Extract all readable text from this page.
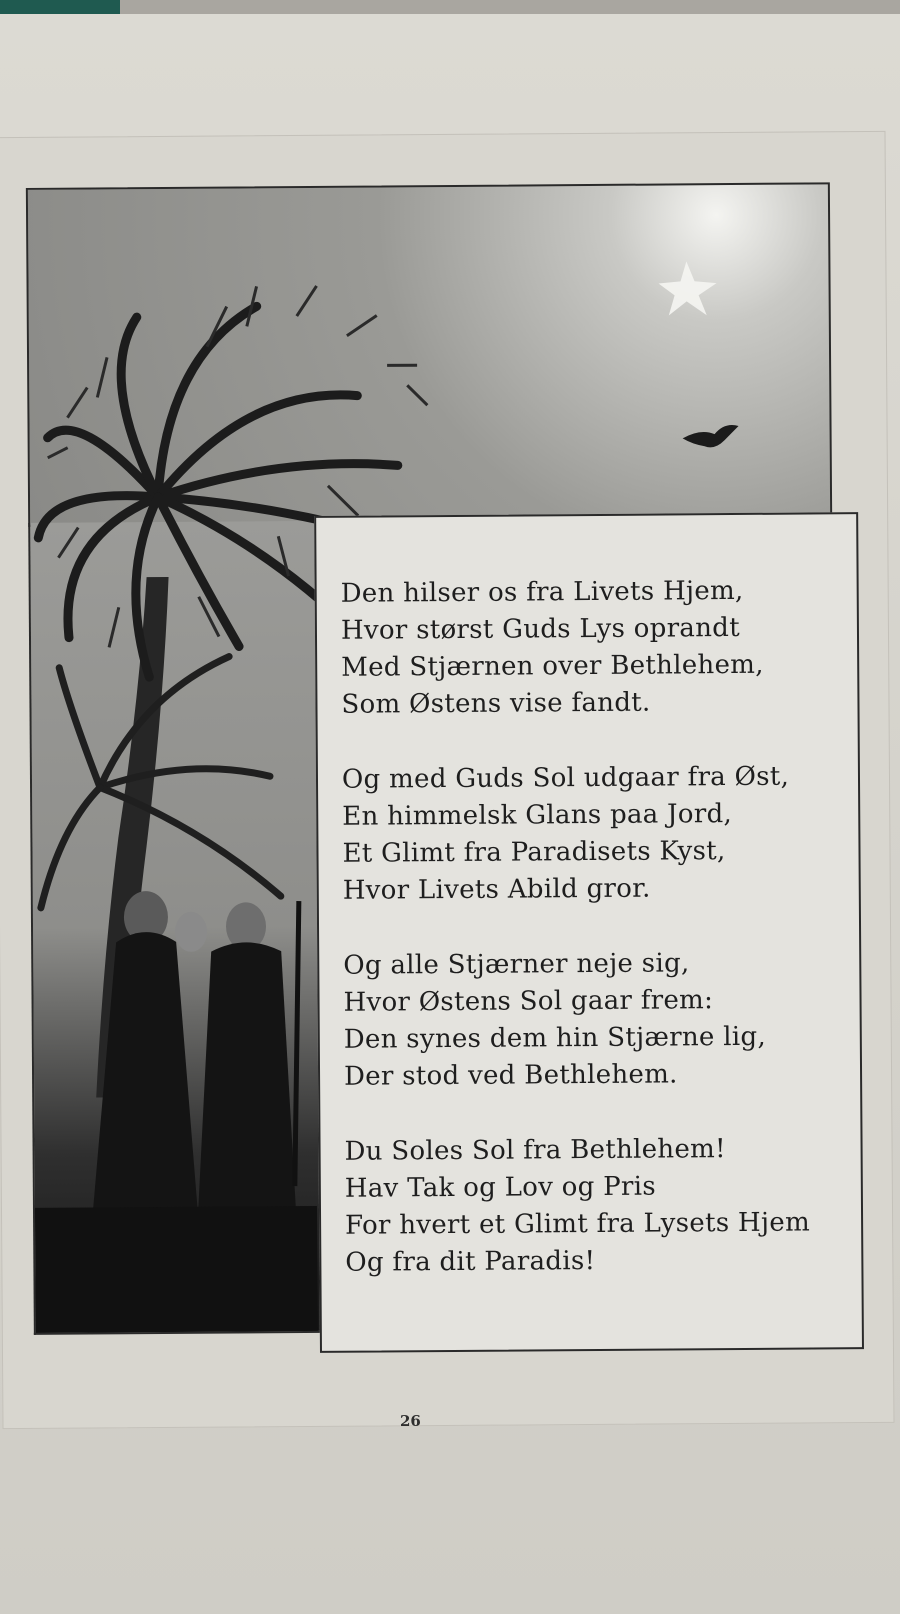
Den hilser os fra Livets Hjem,
Hvor størst Guds Lys oprandt
Med Stjærnen over Bethlehem,
Som Østens vise fandt.
Og med Guds Sol udgaar fra Øst,
En himmelsk Glans paa Jord,
Et Glimt fra Paradisets Kyst,
Hvor Livets Abild gror.
Og alle Stjærner neje sig,
Hvor Østens Sol gaar frem:
Den synes dem hin Stjærne lig,
Der stod ved Bethlehem.
Du Soles Sol fra Bethlehem!
Hav Tak og Lov og Pris
For hvert et Glimt fra Lysets Hjem
Og fra dit Paradis!
26
